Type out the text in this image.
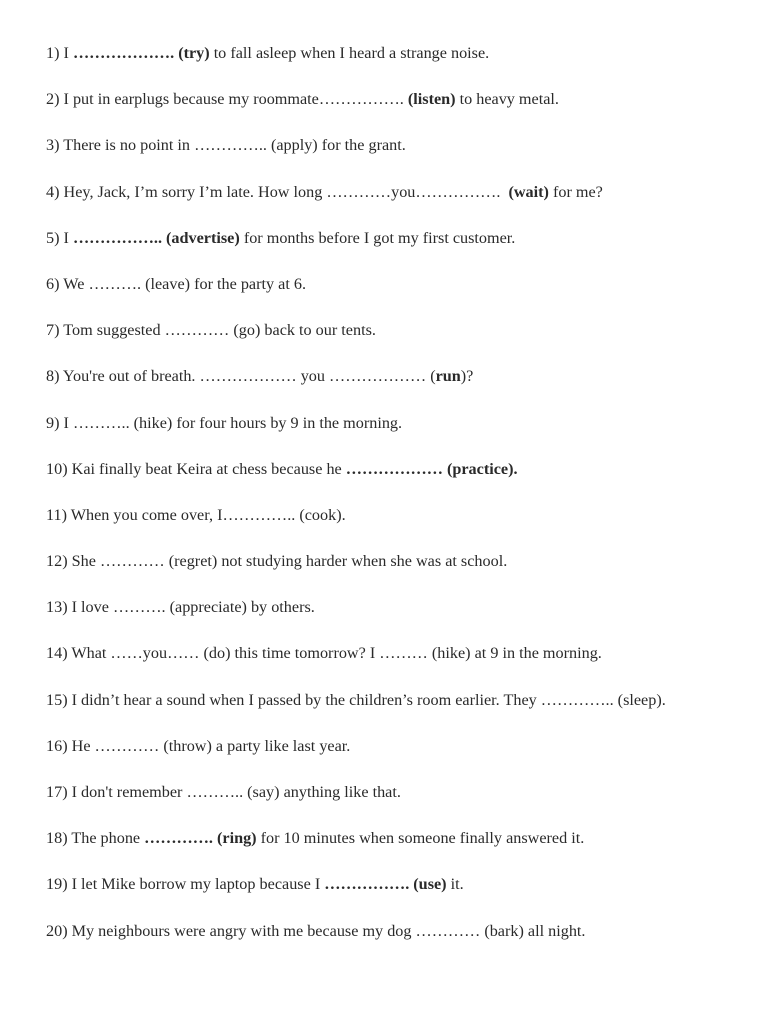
1) I ………………. (try) to fall asleep when I heard a strange noise.

2) I put in earplugs because my roommate……………. (listen) to heavy metal.

3) There is no point in ………….. (apply) for the grant.

4) Hey, Jack, I’m sorry I’m late. How long …………you…………….  (wait) for me?

5) I …………….. (advertise) for months before I got my first customer.

6) We ………. (leave) for the party at 6.

7) Tom suggested ………… (go) back to our tents.

8) You're out of breath. ……………… you ……………… (run)?

9) I ……….. (hike) for four hours by 9 in the morning.

10) Kai finally beat Keira at chess because he ……………… (practice).

11) When you come over, I………….. (cook).

12) She ………… (regret) not studying harder when she was at school.

13) I love ………. (appreciate) by others.

14) What ……you…… (do) this time tomorrow? I ……… (hike) at 9 in the morning.

15) I didn’t hear a sound when I passed by the children’s room earlier. They ………….. (sleep).

16) He ………… (throw) a party like last year.

17) I don't remember ……….. (say) anything like that.

18) The phone …………. (ring) for 10 minutes when someone finally answered it.

19) I let Mike borrow my laptop because I ……………. (use) it.

20) My neighbours were angry with me because my dog ………… (bark) all night.
